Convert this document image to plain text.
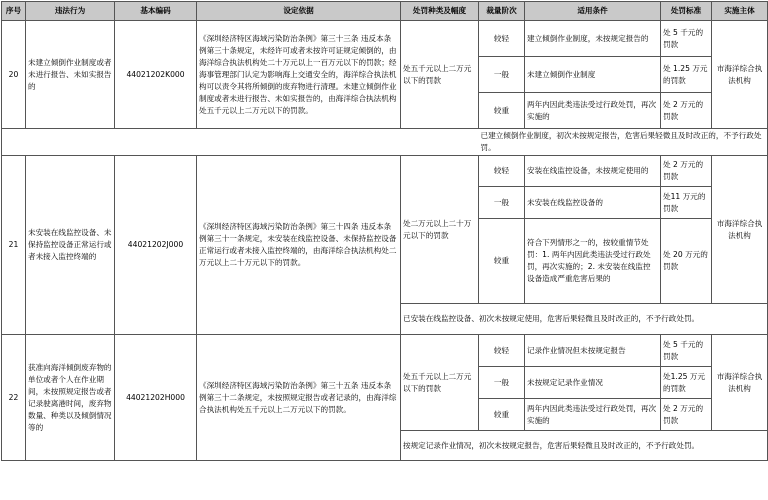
序号	违法行为	基本编码	设定依据	处罚种类及幅度	裁量阶次	适用条件	处罚标准	实施主体
20	未建立倾倒作业制度或者未进行报告、未如实报告的	44021202K000	《深圳经济特区海域污染防治条例》第三十三条 违反本条例第三十条规定，未经许可或者未按许可证规定倾倒的，由海洋综合执法机构处二十万元以上一百万元以下的罚款；经海事管理部门认定为影响海上交通安全的，海洋综合执法机构可以责令其将所倾倒的废弃物进行清理。未建立倾倒作业制度或者未进行报告、未如实报告的，由海洋综合执法机构处五千元以上二万元以下的罚款。	处五千元以上二万元以下的罚款	较轻	建立倾倒作业制度，未按规定报告的	处 5 千元的罚款	市海洋综合执法机构
					一般	未建立倾倒作业制度	处 1.25 万元的罚款	
					较重	两年内因此类违法受过行政处罚，再次实施的	处 2 万元的罚款	
					已建立倾倒作业制度，初次未按规定报告，危害后果轻微且及时改正的，不予行政处罚。			
21	未安装在线监控设备、未保持监控设备正常运行或者未接入监控终端的	44021202J000	《深圳经济特区海域污染防治条例》第三十四条 违反本条例第三十一条规定，未安装在线监控设备、未保持监控设备正常运行或者未接入监控终端的，由海洋综合执法机构处二万元以上二十万元以下的罚款。	处二万元以上二十万元以下的罚款	较轻	安装在线监控设备，未按规定使用的	处 2 万元的罚款	市海洋综合执法机构
					一般	未安装在线监控设备的	处11 万元的罚款	
					较重	符合下列情形之一的，按较重情节处罚：1. 两年内因此类违法受过行政处罚，再次实施的；2. 未安装在线监控设备造成严重危害后果的	处 20 万元的罚款	
				已安装在线监控设备、初次未按规定使用，危害后果轻微且及时改正的，不予行政处罚。				
22	获准向海洋倾倒废弃物的单位或者个人在作业期间，未按照规定报告或者记录驶离港时间，废弃物数量、种类以及倾倒情况等的	44021202H000	《深圳经济特区海域污染防治条例》第三十五条 违反本条例第三十二条规定，未按照规定报告或者记录的，由海洋综合执法机构处五千元以上二万元以下的罚款。	处五千元以上二万元以下的罚款	较轻	记录作业情况但未按规定报告	处 5 千元的罚款	市海洋综合执法机构
					一般	未按规定记录作业情况	处1.25 万元的罚款	
					较重	两年内因此类违法受过行政处罚，再次实施的	处 2 万元的罚款	
				按规定记录作业情况，初次未按规定报告，危害后果轻微且及时改正的，不予行政处罚。				
